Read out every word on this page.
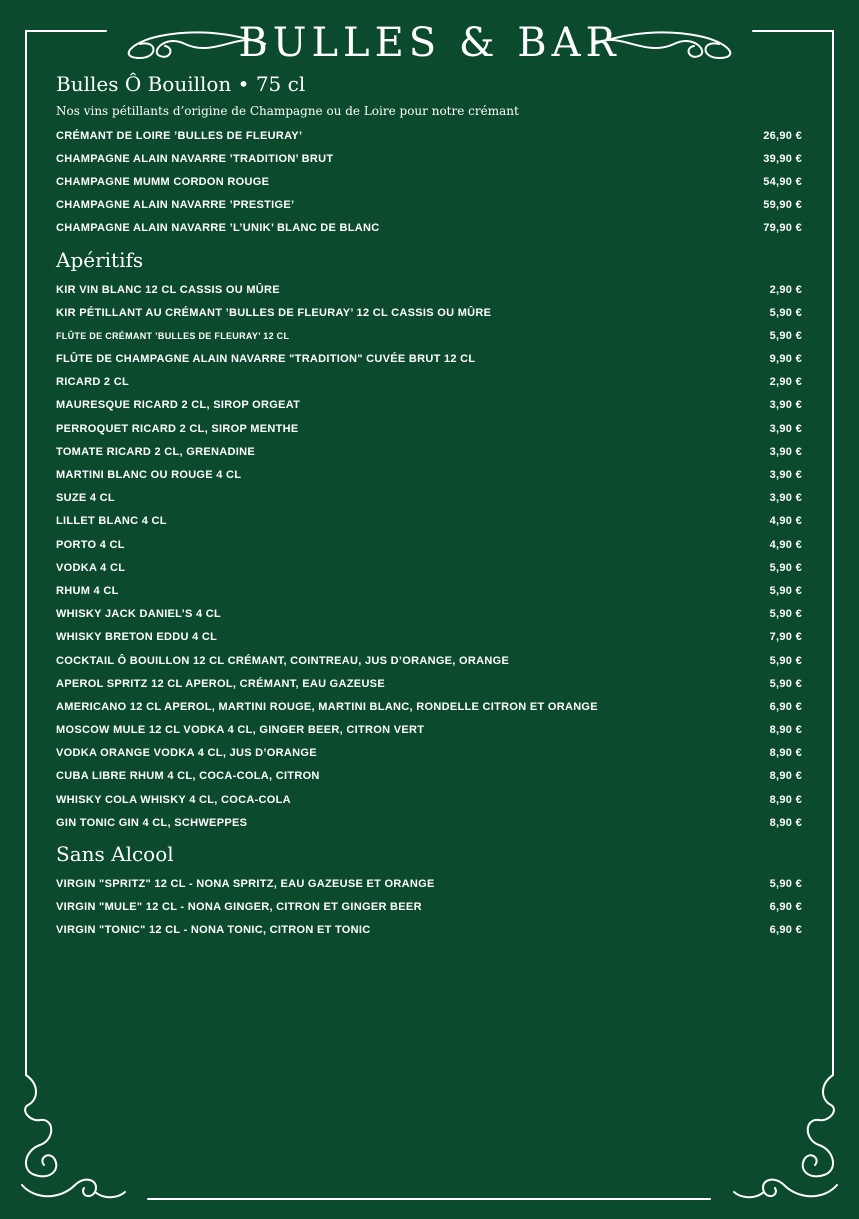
BULLES & BAR
Bulles Ô Bouillon • 75 cl
Nos vins pétillants d’origine de Champagne ou de Loire pour notre crémant
CRÉMANT DE LOIRE ’BULLES DE FLEURAY’	26,90 €
CHAMPAGNE ALAIN NAVARRE ’TRADITION’ BRUT	39,90 €
CHAMPAGNE MUMM CORDON ROUGE	54,90 €
CHAMPAGNE ALAIN NAVARRE ’PRESTIGE’	59,90 €
CHAMPAGNE ALAIN NAVARRE ’L’UNIK’ BLANC DE BLANC	79,90 €
Apéritifs
KIR VIN BLANC 12 CL CASSIS OU MÛRE	2,90 €
KIR PÉTILLANT AU CRÉMANT ’BULLES DE FLEURAY’ 12 CL CASSIS OU MÛRE	5,90 €
FLÛTE DE CRÉMANT ’BULLES DE FLEURAY’ 12 CL	5,90 €
FLÛTE DE CHAMPAGNE ALAIN NAVARRE "TRADITION" CUVÉE BRUT 12 CL	9,90 €
RICARD 2 CL	2,90 €
MAURESQUE RICARD 2 CL, SIROP ORGEAT	3,90 €
PERROQUET RICARD 2 CL, SIROP MENTHE	3,90 €
TOMATE RICARD 2 CL, GRENADINE	3,90 €
MARTINI BLANC OU ROUGE 4 CL	3,90 €
SUZE 4 CL	3,90 €
LILLET BLANC 4 CL	4,90 €
PORTO 4 CL	4,90 €
VODKA 4 CL	5,90 €
RHUM 4 CL	5,90 €
WHISKY JACK DANIEL’S 4 CL	5,90 €
WHISKY BRETON EDDU 4 CL	7,90 €
COCKTAIL Ô BOUILLON 12 CL CRÉMANT, COINTREAU, JUS D’ORANGE, ORANGE	5,90 €
APEROL SPRITZ 12 CL APEROL, CRÉMANT, EAU GAZEUSE	5,90 €
AMERICANO 12 CL APEROL, MARTINI ROUGE, MARTINI BLANC, RONDELLE CITRON ET ORANGE	6,90 €
MOSCOW MULE 12 CL VODKA 4 CL, GINGER BEER, CITRON VERT	8,90 €
VODKA ORANGE VODKA 4 CL, JUS D’ORANGE	8,90 €
CUBA LIBRE RHUM 4 CL, COCA-COLA, CITRON	8,90 €
WHISKY COLA WHISKY 4 CL, COCA-COLA	8,90 €
GIN TONIC GIN 4 CL, SCHWEPPES	8,90 €
Sans Alcool
VIRGIN "SPRITZ" 12 CL - NONA SPRITZ, EAU GAZEUSE ET ORANGE	5,90 €
VIRGIN "MULE" 12 CL - NONA GINGER, CITRON ET GINGER BEER	6,90 €
VIRGIN "TONIC" 12 CL - NONA TONIC, CITRON ET TONIC	6,90 €
